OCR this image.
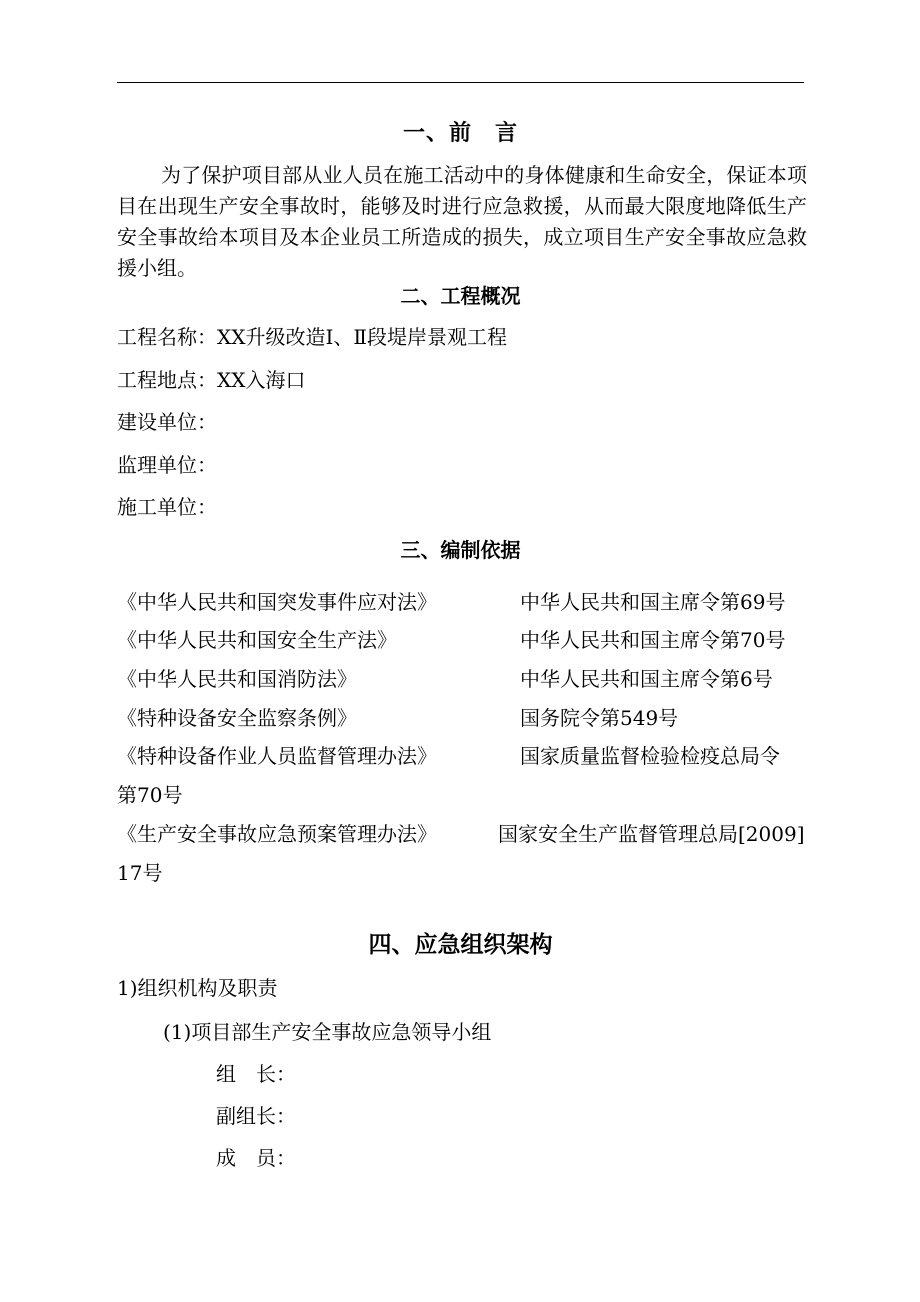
一、前　言

为了保护项目部从业人员在施工活动中的身体健康和生命安全，保证本项目在出现生产安全事故时，能够及时进行应急救援，从而最大限度地降低生产安全事故给本项目及本企业员工所造成的损失，成立项目生产安全事故应急救援小组。

二、工程概况
工程名称：XX升级改造Ⅰ、Ⅱ段堤岸景观工程
工程地点：XX入海口
建设单位：
监理单位：
施工单位：
三、编制依据
《中华人民共和国突发事件应对法》	中华人民共和国主席令第69号
《中华人民共和国安全生产法》	中华人民共和国主席令第70号
《中华人民共和国消防法》	中华人民共和国主席令第6号
《特种设备安全监察条例》	国务院令第549号
《特种设备作业人员监督管理办法》	国家质量监督检验检疫总局令
第70号
《生产安全事故应急预案管理办法》	国家安全生产监督管理总局[2009]
17号
四、应急组织架构
1)组织机构及职责
(1)项目部生产安全事故应急领导小组
组　长：
副组长：
成　员：
